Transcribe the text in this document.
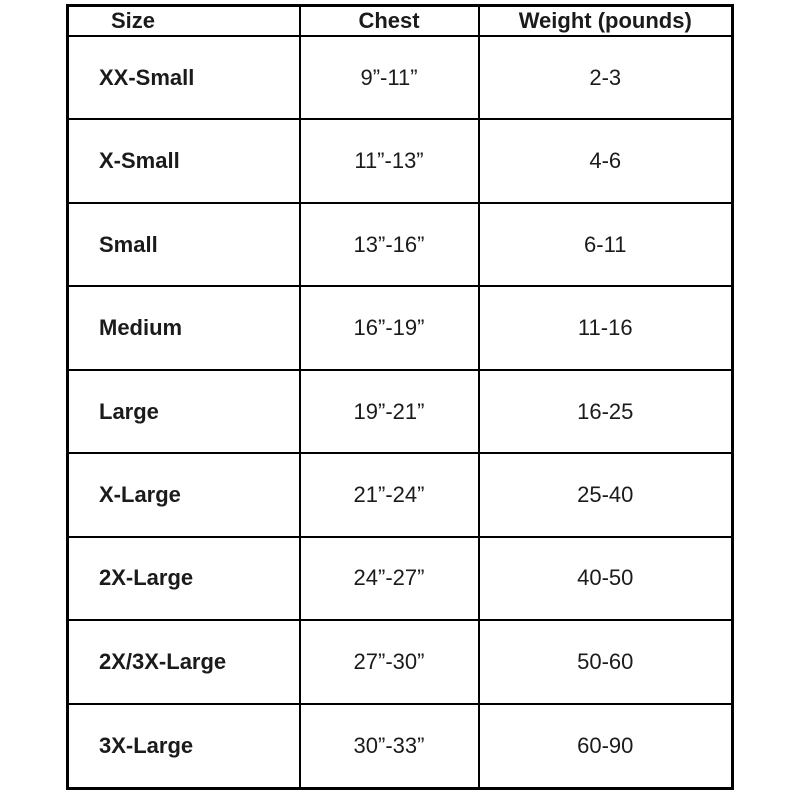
Size	Chest	Weight (pounds)
XX-Small	9”-11”	2-3
X-Small	11”-13”	4-6
Small	13”-16”	6-11
Medium	16”-19”	11-16
Large	19”-21”	16-25
X-Large	21”-24”	25-40
2X-Large	24”-27”	40-50
2X/3X-Large	27”-30”	50-60
3X-Large	30”-33”	60-90
